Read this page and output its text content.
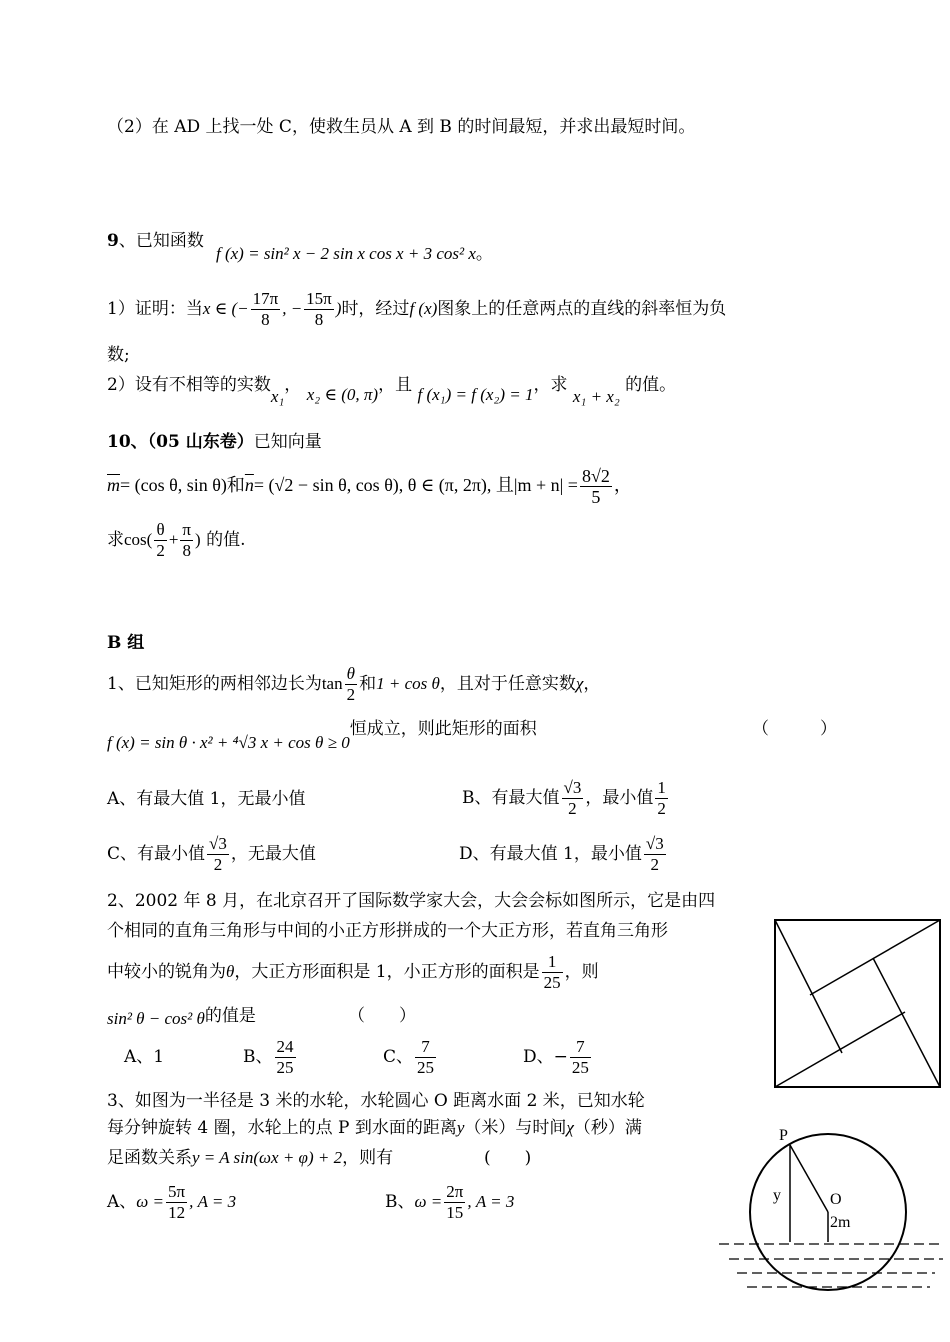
（2）在 AD 上找一处 C，使救生员从 A 到 B 的时间最短，并求出最短时间。
9、已知函数
f (x) = sin² x − 2 sin x cos x + 3 cos² x。
1）证明：当x ∈ (− $\frac{17\pi}{8}$ , − $\frac{15\pi}{8}$ )时，经过f (x)图象上的任意两点的直线的斜率恒为负
数;
2）设有不相等的实数x₁， x₂ ∈ (0, π)，且 f (x₁) = f (x₂) = 1，求 x₁ + x₂ 的值。
10、（05 山东卷）已知向量
$\overline{m}= (\cos$ θ, sin θ)和$\overline{n}= (√2 - \sin \theta$, cos θ), θ ∈ (π, 2π), 且$|m + n| = \frac{8√2}{5}$ ，
求$\cos( \frac{\theta}{2} + \frac{\pi}{8}$ ) 的值.
B 组
1、已知矩形的两相邻边长为$\tan \frac{\theta}{2}$ 和1 + cos θ，且对于任意实数χ，
f (x) = sin θ · x² + ⁴√3 x + cos θ ≥ 0恒成立，则此矩形的面积	（　　　）
A、有最大值 1，无最小值	B、有最大值 $\frac{√3}{2}$ ，最小值 $\frac{1}{2}$
C、有最小值 $\frac{√3}{2}$ ，无最大值	D、有最大值 1，最小值 $\frac{√3}{2}$
2、2002 年 8 月，在北京召开了国际数学家大会，大会会标如图所示，它是由四
个相同的直角三角形与中间的小正方形拼成的一个大正方形，若直角三角形
中较小的锐角为θ，大正方形面积是 1，小正方形的面积是 $\frac{1}{25}$ ，则
sin² θ − cos² θ的值是	（　　）
A、1	B、 $\frac{24}{25}$	C、 $\frac{7}{25}$	D、− $\frac{7}{25}$
3、如图为一半径是 3 米的水轮，水轮圆心 O 距离水面 2 米，已知水轮
每分钟旋转 4 圈，水轮上的点 P 到水面的距离y（米）与时间χ（秒）满
足函数关系y = A sin(ωx + φ) + 2，则有	(　　)
A、$\omega = \frac{5\pi}{12}$ , A = 3	B、$\omega = \frac{2\pi}{15}$ , A = 3
P
y	O
2m
